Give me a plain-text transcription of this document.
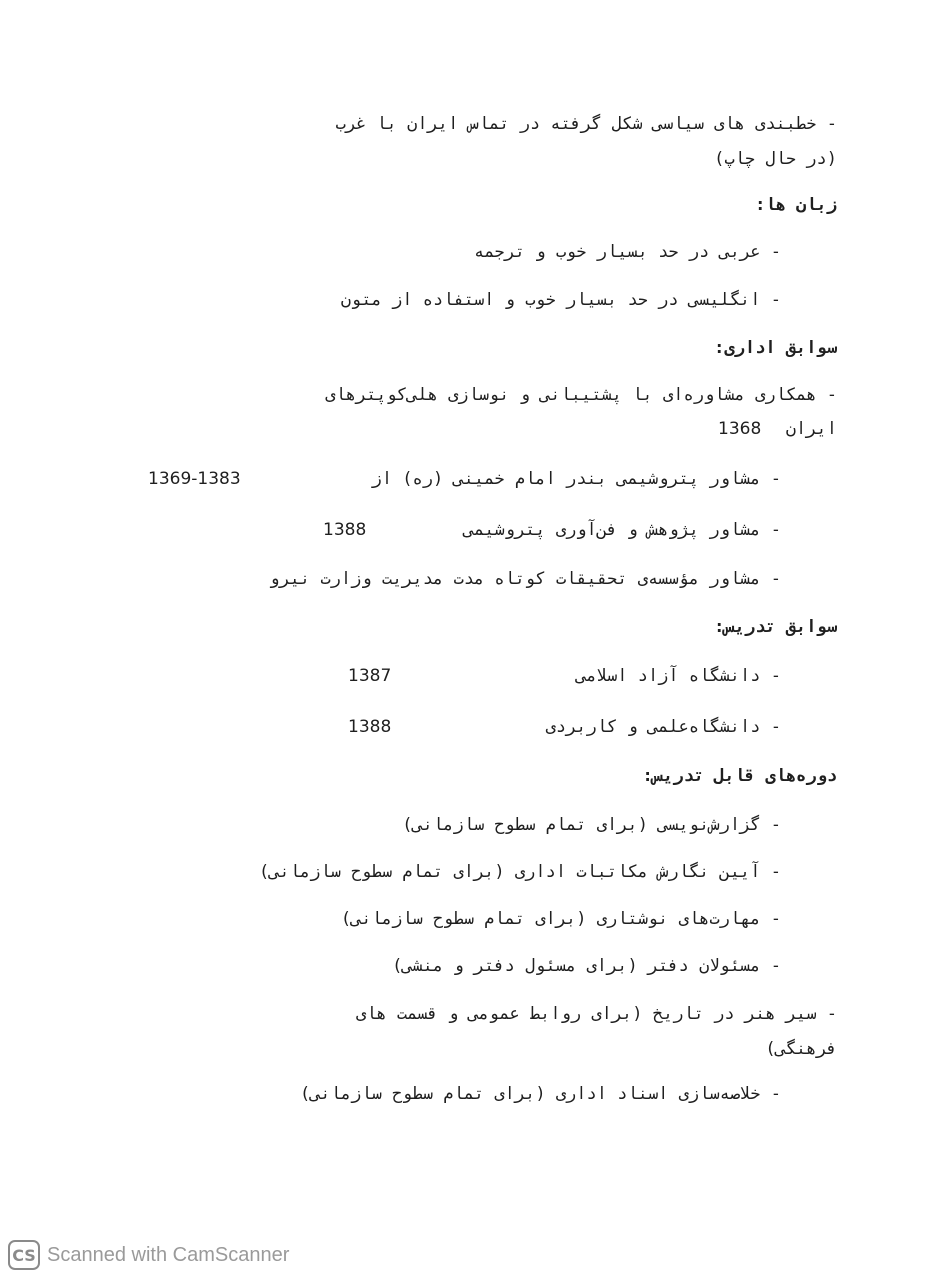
- خطبندی های سیاسی شکل گرفته در تماس ایران با غرب
(در حال چاپ)
زبان ها:
- عربی در حد بسیار خوب و ترجمه
- انگلیسی در حد بسیار خوب و استفاده از متون
سوابق اداری:
- همکاری مشاوره‌ای با پشتیبانی و نوسازی هلی‌کوپترهای
ایران
1368
- مشاور پتروشیمی بندر امام خمینی (ره) از
1369-1383
- مشاور پژوهش و فن‌آوری پتروشیمی
1388
- مشاور مؤسسه‌ی تحقیقات کوتاه مدت مدیریت وزارت نیرو
سوابق تدریس:
- دانشگاه آزاد اسلامی
1387
- دانشگاه‌علمی و کاربردی
1388
دوره‌های قابل تدریس:
- گزارش‌نویسی (برای تمام سطوح سازمانی)
- آیین نگارش مکاتبات اداری (برای تمام سطوح سازمانی)
- مهارت‌های نوشتاری (برای تمام سطوح سازمانی)
- مسئولان دفتر (برای مسئول دفتر و منشی)
- سیر هنر در تاریخ (برای روابط عمومی و قسمت های
فرهنگی)
- خلاصه‌سازی اسناد اداری (برای تمام سطوح سازمانی)
CS Scanned with CamScanner
